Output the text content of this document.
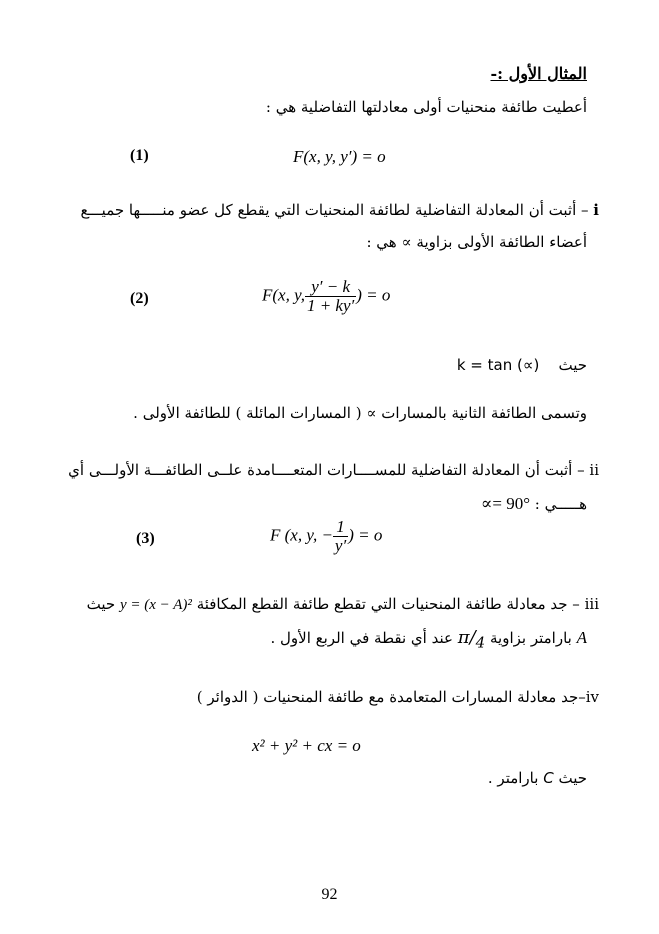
المثال الأول :-
أعطيت طائفة منحنيات أولى معادلتها التفاضلية هي :
(1)	F(x, y, y′) = o
i – أثبت أن المعادلة التفاضلية لطائفة المنحنيات التي يقطع كل عضو منـــــها جميـــع
أعضاء الطائفة الأولى بزاوية ∝ هي :
(2)	F(x, y, $\frac{y' - k}{1 + ky'}$ ) = o
حيث    k = tan (∝)
وتسمى الطائفة الثانية بالمسارات ∝ ( المسارات المائلة ) للطائفة الأولى .
ii – أثبت أن المعادلة التفاضلية للمســــارات المتعــــامدة علــى الطائفـــة الأولـــى أي
: هـــــي ∝= 90°
(3)	F (x, y, − $\frac{1}{y'}$ ) = o
iii – جد معادلة طائفة المنحنيات التي تقطع طائفة القطع المكافئة y = (x − A)² حيث
A بارامتر بزاوية $\pi/_4$ عند أي نقطة في الربع الأول .
iv–جد معادلة المسارات المتعامدة مع طائفة المنحنيات ( الدوائر )
x² + y² + cx = o
حيث C بارامتر .
92
